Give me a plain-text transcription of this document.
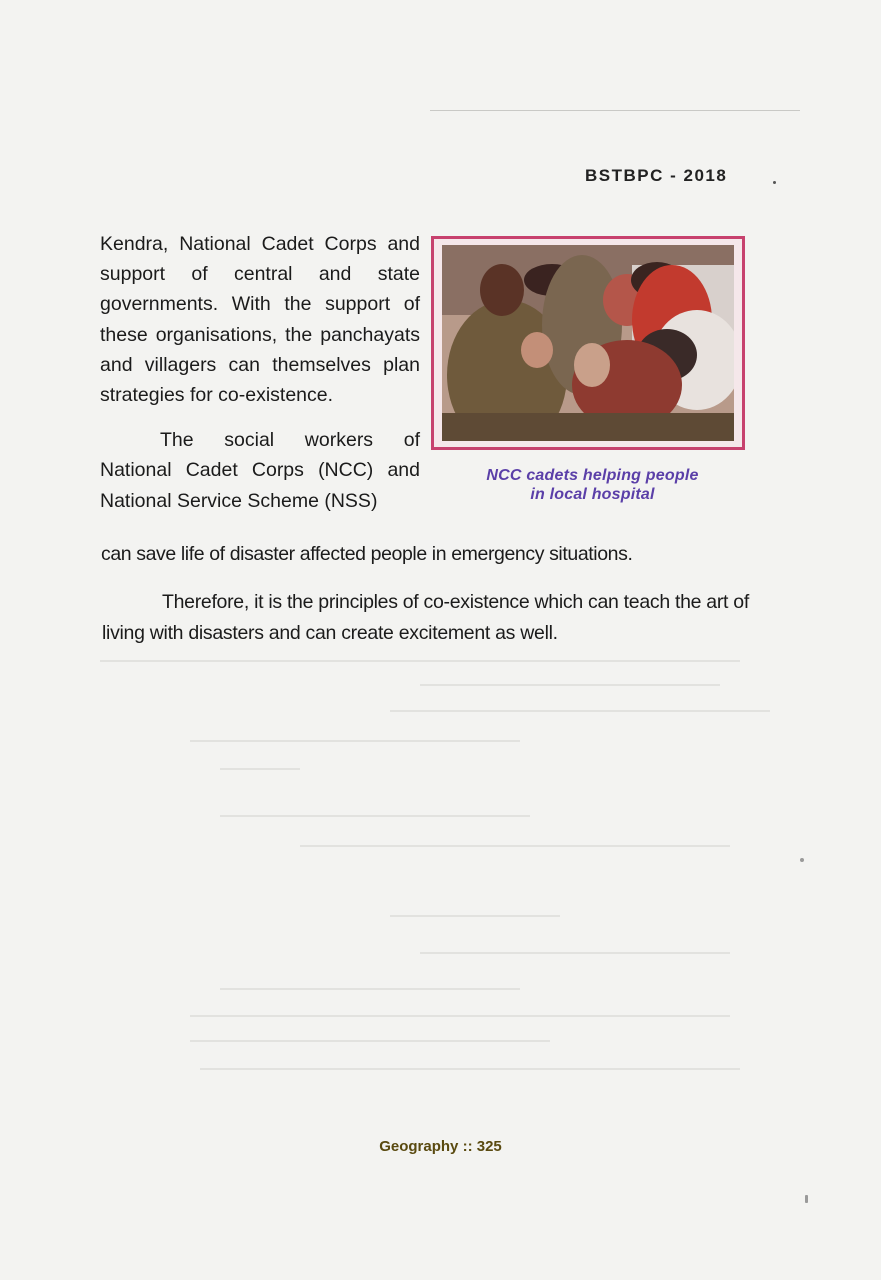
BSTBPC - 2018

Kendra, National Cadet Corps and support of central and state governments. With the support of these organisations, the panchayats and villagers can themselves plan strategies for co-existence.

The social workers of National Cadet Corps (NCC) and National Service Scheme (NSS)

can save life of disaster affected people in emergency situations.
NCC cadets helping people
in local hospital
Therefore, it is the principles of co-existence which can teach the art of living with disasters and can create excitement as well.
Geography :: 325
